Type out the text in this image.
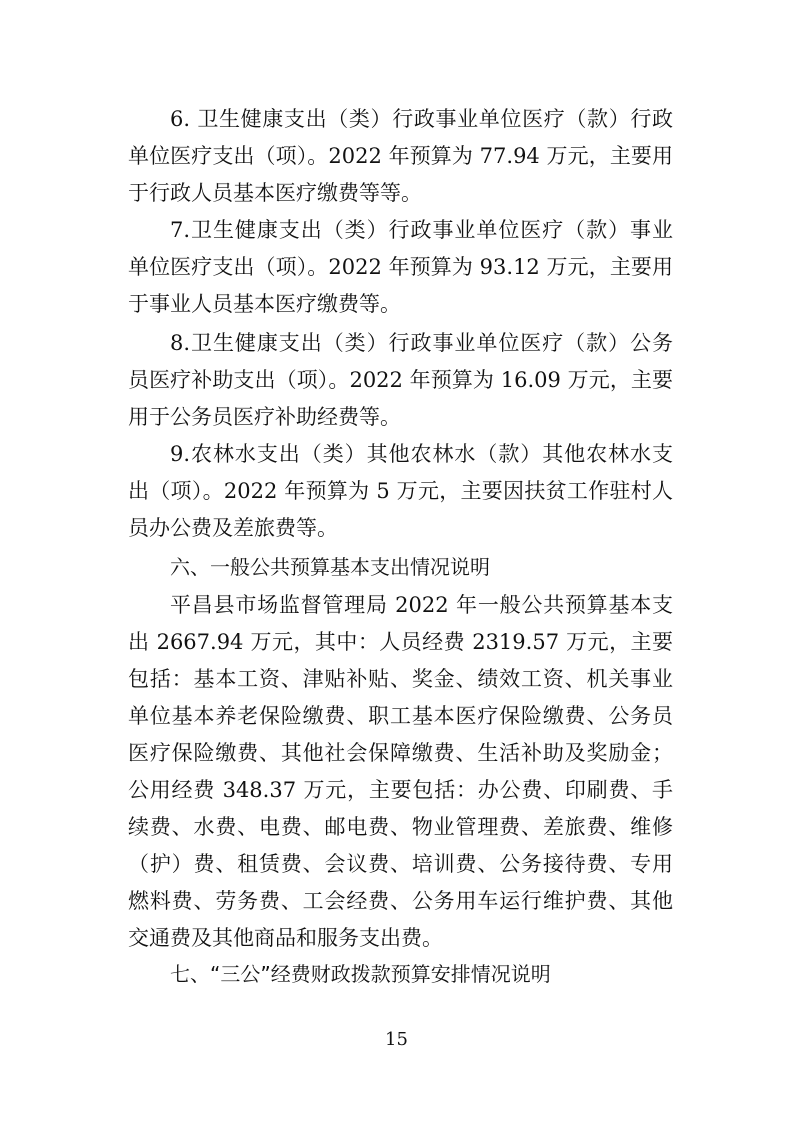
6. 卫生健康支出（类）行政事业单位医疗（款）行政单位医疗支出（项）。2022 年预算为 77.94 万元，主要用于行政人员基本医疗缴费等等。

7.卫生健康支出（类）行政事业单位医疗（款）事业单位医疗支出（项）。2022 年预算为 93.12 万元，主要用于事业人员基本医疗缴费等。

8.卫生健康支出（类）行政事业单位医疗（款）公务员医疗补助支出（项）。2022 年预算为 16.09 万元，主要用于公务员医疗补助经费等。

9.农林水支出（类）其他农林水（款）其他农林水支出（项）。2022 年预算为 5 万元，主要因扶贫工作驻村人员办公费及差旅费等。

六、一般公共预算基本支出情况说明

平昌县市场监督管理局 2022 年一般公共预算基本支出 2667.94 万元，其中：人员经费 2319.57 万元，主要包括：基本工资、津贴补贴、奖金、绩效工资、机关事业单位基本养老保险缴费、职工基本医疗保险缴费、公务员医疗保险缴费、其他社会保障缴费、生活补助及奖励金；公用经费 348.37 万元，主要包括：办公费、印刷费、手续费、水费、电费、邮电费、物业管理费、差旅费、维修（护）费、租赁费、会议费、培训费、公务接待费、专用燃料费、劳务费、工会经费、公务用车运行维护费、其他交通费及其他商品和服务支出费。

七、“三公”经费财政拨款预算安排情况说明
15
